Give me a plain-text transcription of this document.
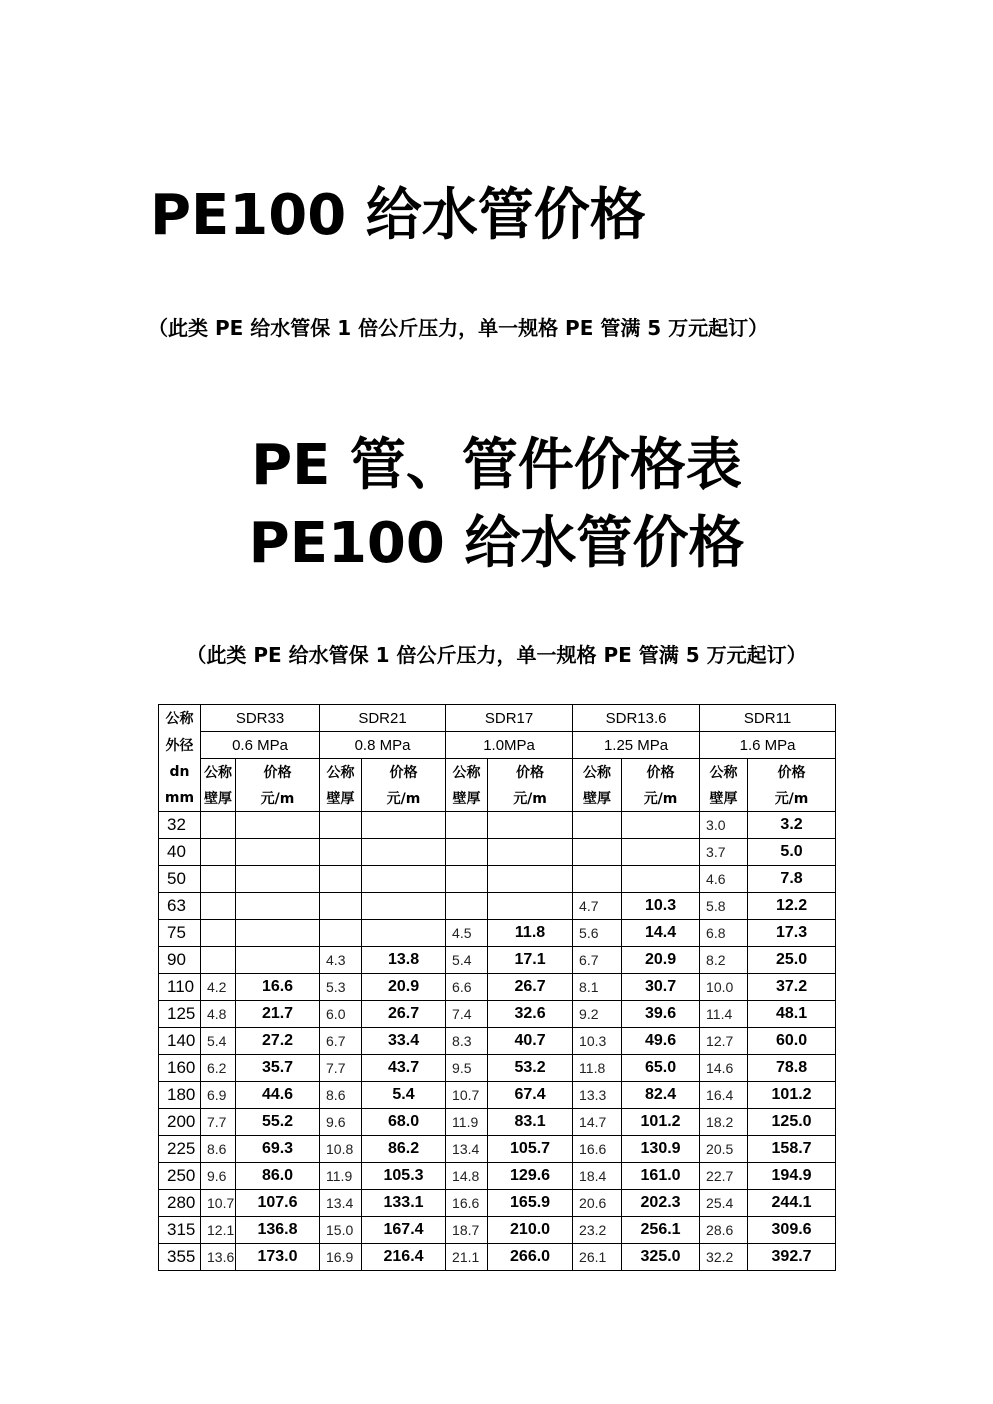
PE100 给水管价格

（此类 PE 给水管保 1 倍公斤压力，单一规格 PE 管满 5 万元起订）

PE 管、管件价格表
PE100 给水管价格

（此类 PE 给水管保 1 倍公斤压力，单一规格 PE 管满 5 万元起订）

公称	SDR33		SDR21		SDR17		SDR13.6		SDR11	
外径	0.6 MPa		0.8 MPa		1.0MPa		1.25 MPa		1.6 MPa	
dn	公称	价格	公称	价格	公称	价格	公称	价格	公称	价格
mm	壁厚	元/m	壁厚	元/m	壁厚	元/m	壁厚	元/m	壁厚	元/m
32									3.0	3.2
40									3.7	5.0
50									4.6	7.8
63							4.7	10.3	5.8	12.2
75					4.5	11.8	5.6	14.4	6.8	17.3
90			4.3	13.8	5.4	17.1	6.7	20.9	8.2	25.0
110	4.2	16.6	5.3	20.9	6.6	26.7	8.1	30.7	10.0	37.2
125	4.8	21.7	6.0	26.7	7.4	32.6	9.2	39.6	11.4	48.1
140	5.4	27.2	6.7	33.4	8.3	40.7	10.3	49.6	12.7	60.0
160	6.2	35.7	7.7	43.7	9.5	53.2	11.8	65.0	14.6	78.8
180	6.9	44.6	8.6	5.4	10.7	67.4	13.3	82.4	16.4	101.2
200	7.7	55.2	9.6	68.0	11.9	83.1	14.7	101.2	18.2	125.0
225	8.6	69.3	10.8	86.2	13.4	105.7	16.6	130.9	20.5	158.7
250	9.6	86.0	11.9	105.3	14.8	129.6	18.4	161.0	22.7	194.9
280	10.7	107.6	13.4	133.1	16.6	165.9	20.6	202.3	25.4	244.1
315	12.1	136.8	15.0	167.4	18.7	210.0	23.2	256.1	28.6	309.6
355	13.6	173.0	16.9	216.4	21.1	266.0	26.1	325.0	32.2	392.7
